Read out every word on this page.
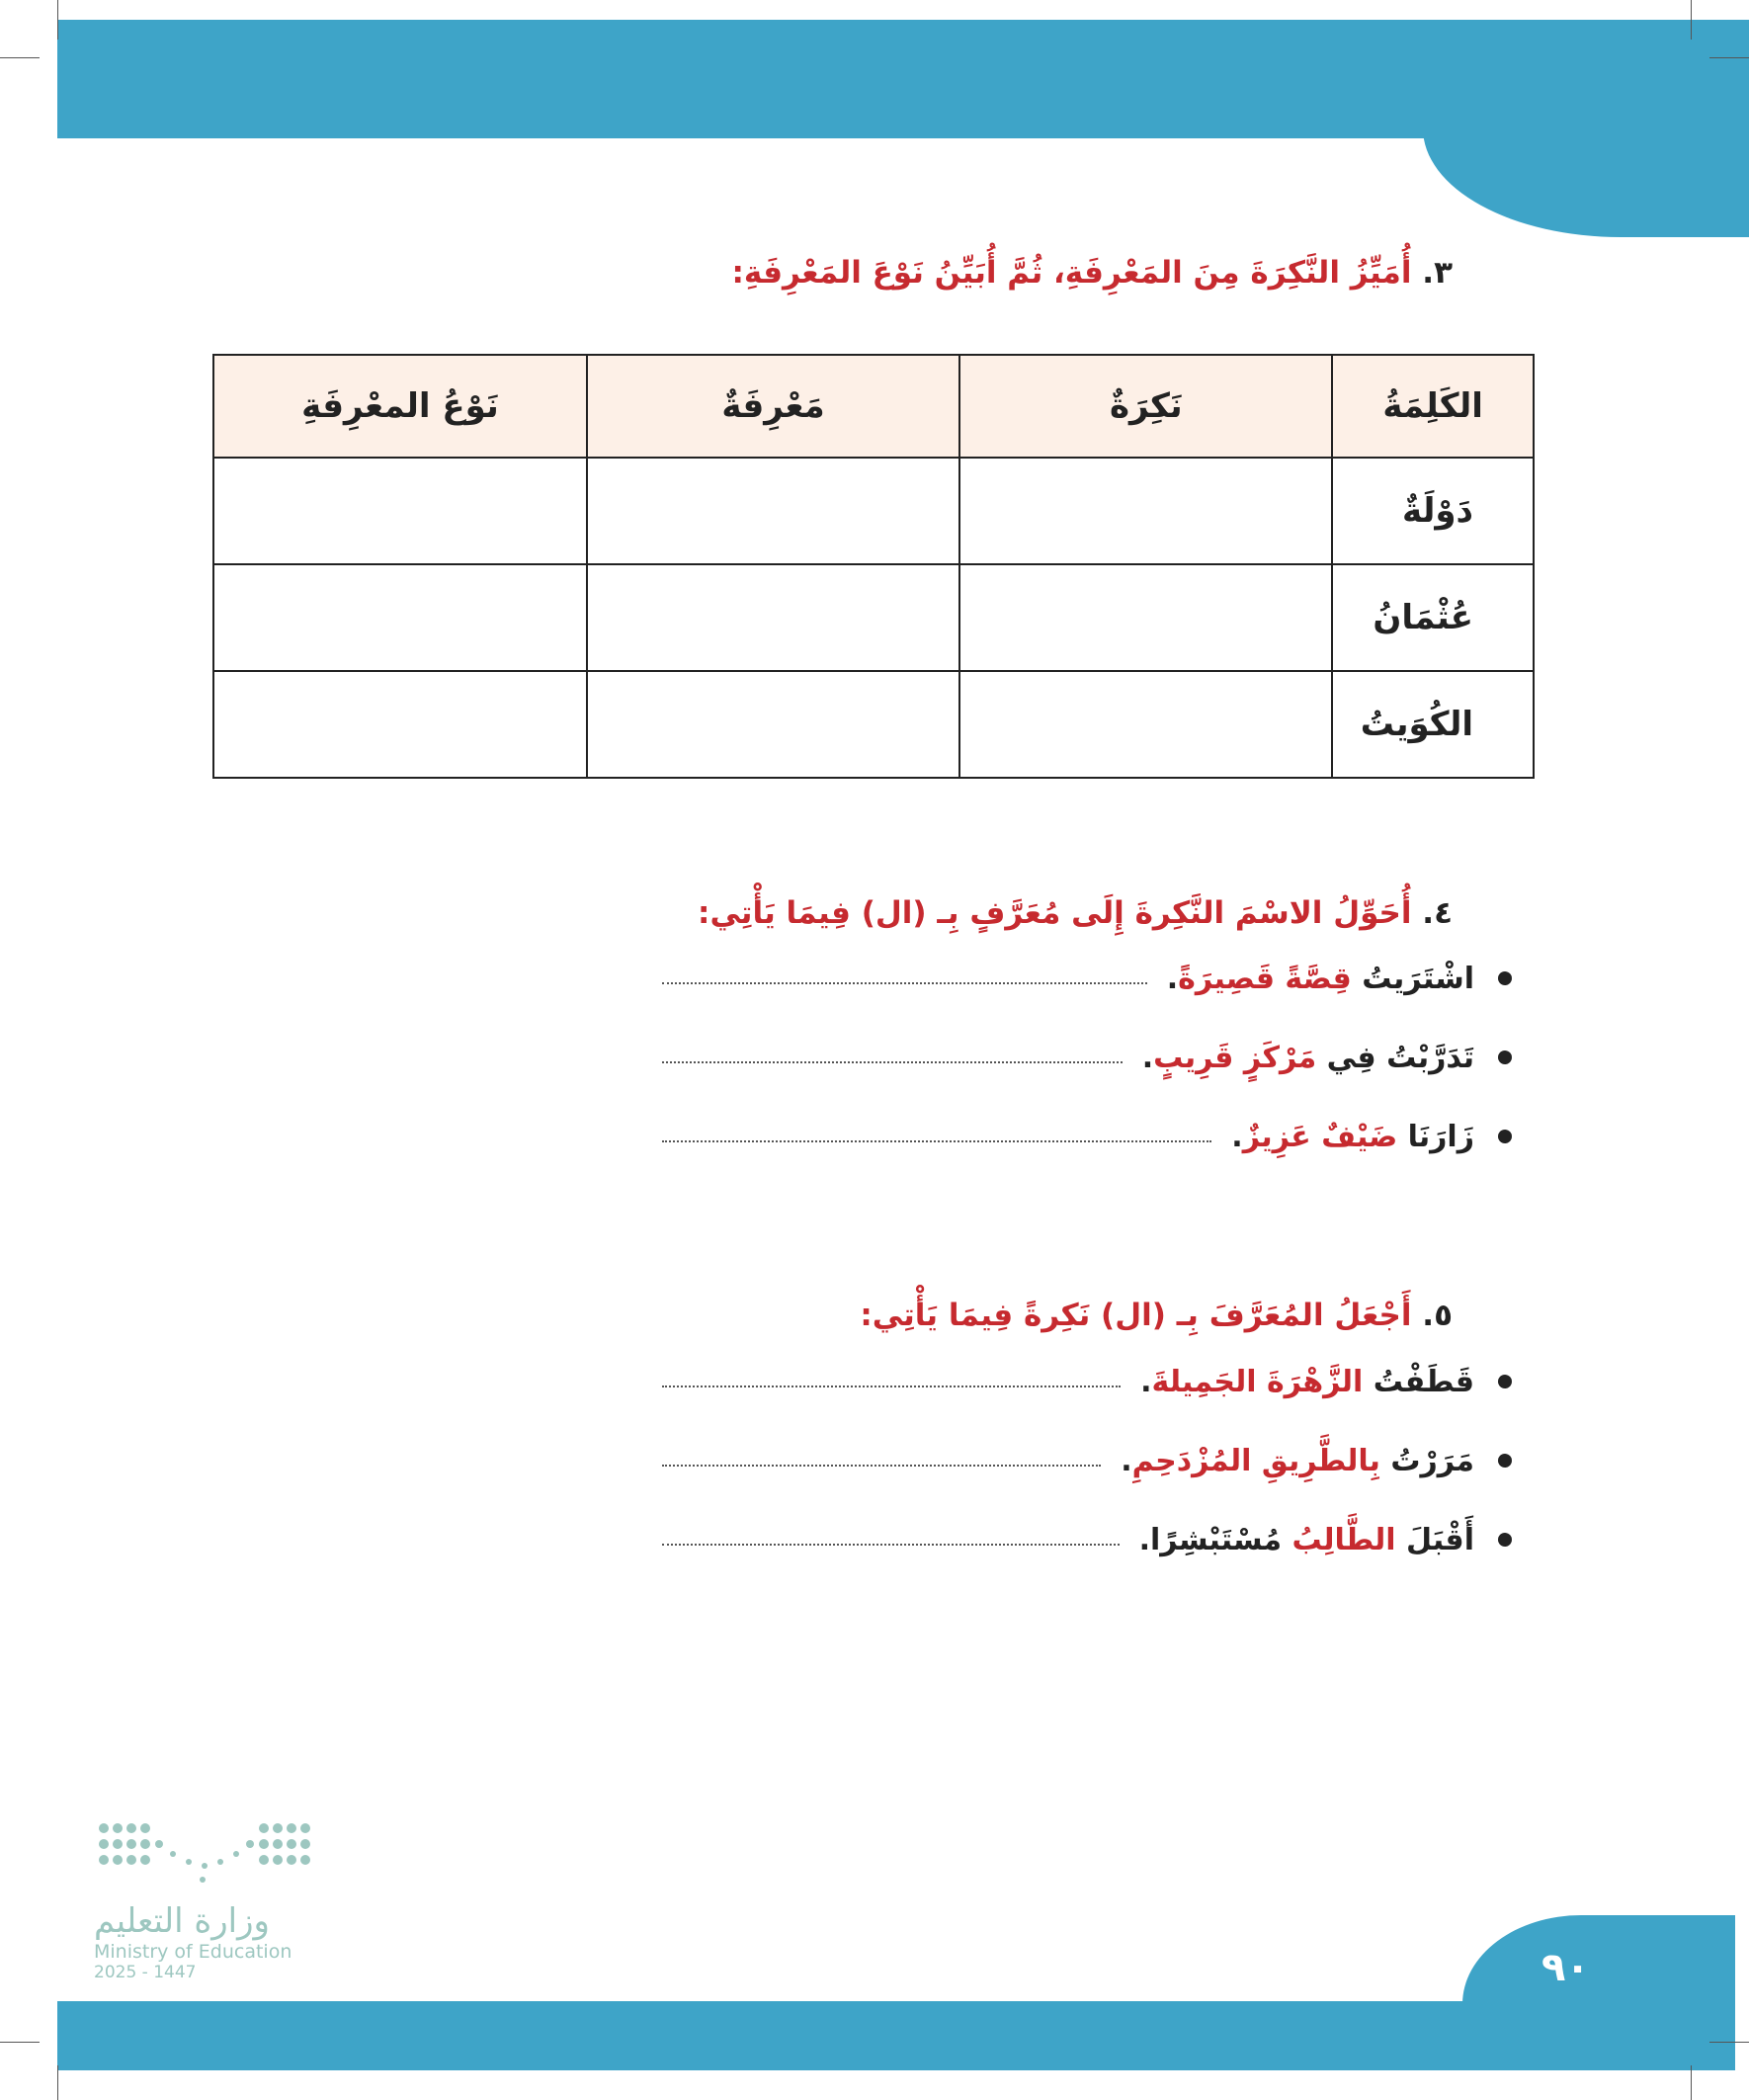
٩٠
٣. أُمَيِّزُ النَّكِرَةَ مِنَ المَعْرِفَةِ، ثُمَّ أُبَيِّنُ نَوْعَ المَعْرِفَةِ:
الكَلِمَةُ	نَكِرَةٌ	مَعْرِفَةٌ	نَوْعُ المعْرِفَةِ
دَوْلَةٌ			
عُثْمَانُ			
الكُوَيتُ			
٤. أُحَوِّلُ الاسْمَ النَّكِرةَ إِلَى مُعَرَّفٍ بِـ (ال) فِيمَا يَأْتِي:
اشْتَرَيتُ قِصَّةً قَصِيرَةً.
تَدَرَّبْتُ فِي مَرْكَزٍ قَرِيبٍ.
زَارَنَا ضَيْفٌ عَزِيزٌ.
٥. أَجْعَلُ المُعَرَّفَ بِـ (ال) نَكِرةً فِيمَا يَأْتِي:
قَطَفْتُ الزَّهْرَةَ الجَمِيلةَ.
مَرَرْتُ بِالطَّرِيقِ المُزْدَحِمِ.
أَقْبَلَ الطَّالِبُ مُسْتَبْشِرًا.
وزارة التعليم
Ministry of Education
2025 - 1447
